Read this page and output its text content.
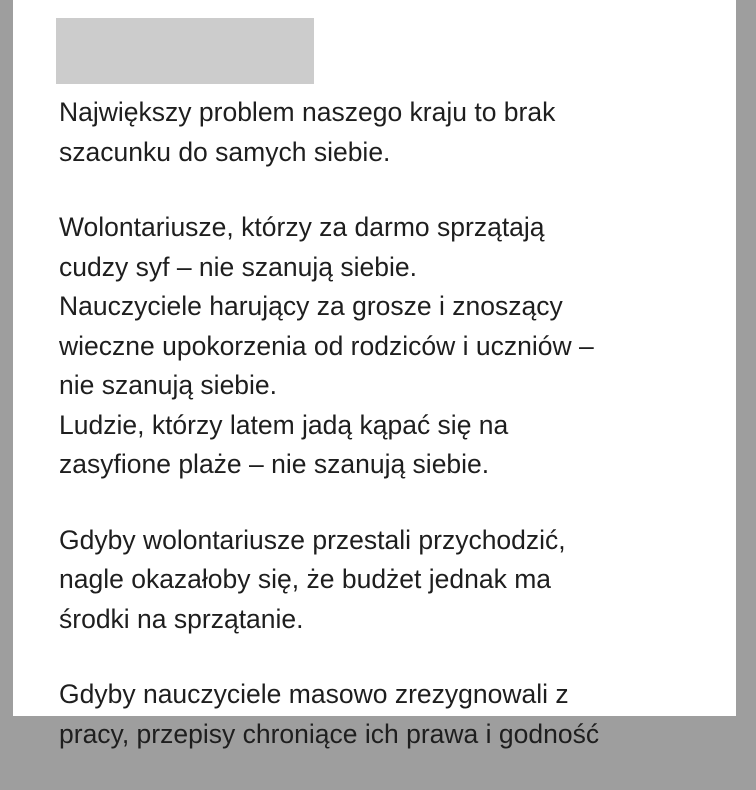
Największy problem naszego kraju to brak
szacunku do samych siebie.

Wolontariusze, którzy za darmo sprzątają
cudzy syf – nie szanują siebie.
Nauczyciele harujący za grosze i znoszący
wieczne upokorzenia od rodziców i uczniów –
nie szanują siebie.
Ludzie, którzy latem jadą kąpać się na
zasyfione plaże – nie szanują siebie.

Gdyby wolontariusze przestali przychodzić,
nagle okazałoby się, że budżet jednak ma
środki na sprzątanie.

Gdyby nauczyciele masowo zrezygnowali z
pracy, przepisy chroniące ich prawa i godność
